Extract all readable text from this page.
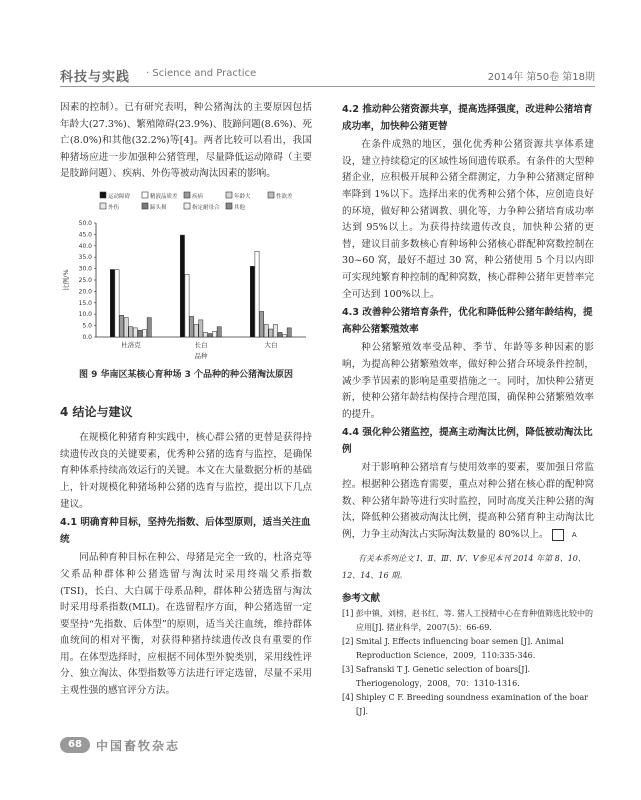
科技与实践 · Science and Practice	2014年 第50卷 第18期

因素的控制）。已有研究表明，种公猪淘汰的主要原因包括年龄大(27.3%)、繁殖障碍(23.9%)、肢蹄问题(8.6%)、死亡(8.0%)和其他(32.2%)等[4]。两者比较可以看出，我国种猪场应进一步加强种公猪管理，尽量降低运动障碍（主要是肢蹄问题）、疾病、外伤等被动淘汰因素的影响。

运动障碍	精液品质差	疾病	年龄大	性欲差
外伤	蹄头损	指定耐母合	其他
0.0
5.0
10.0
15.0
20.0
25.0
30.0
35.0
40.0
45.0
50.0
比例/%
杜洛克	长白	大白
品种
图 9 华南区某核心育种场 3 个品种的种公猪淘汰原因
4 结论与建议

在规模化种猪育种实践中，核心群公猪的更替是获得持续遗传改良的关键要素，优秀种公猪的选育与监控，是确保育种体系持续高效运行的关键。本文在大量数据分析的基础上，针对规模化种猪场种公猪的选育与监控，提出以下几点建议。

4.1 明确育种目标，坚持先指数、后体型原则，适当关注血统

同品种育种目标在种公、母猪是完全一致的，杜洛克等父系品种群体种公猪选留与淘汰时采用终端父系指数(TSI)，长白、大白属于母系品种，群体种公猪选留与淘汰时采用母系指数(MLI)。在选留程序方面，种公猪选留一定要坚持“先指数、后体型”的原则，适当关注血统，维持群体血统间的相对平衡，对获得种猪持续遗传改良有重要的作用。在体型选择时，应根据不同体型外貌类别，采用线性评分、独立淘汰、体型指数等方法进行评定选留，尽量不采用主观性强的感官评分方法。

4.2 推动种公猪资源共享，提高选择强度，改进种公猪培育成功率，加快种公猪更替

在条件成熟的地区，强化优秀种公猪资源共享体系建设，建立持续稳定的区域性场间遗传联系。有条件的大型种猪企业，应积极开展种公猪全群测定，力争种公猪测定留种率降到 1%以下。选择出来的优秀种公猪个体，应创造良好的环境，做好种公猪调教、驯化等，力争种公猪培育成功率达到 95%以上。为获得持续遗传改良，加快种公猪的更替，建议目前多数核心育种场种公猪核心群配种窝数控制在 30~60 窝，最好不超过 30 窝，种公猪使用 5 个月以内即可实现纯繁育种控制的配种窝数，核心群种公猪年更替率完全可达到 100%以上。

4.3 改善种公猪培育条件，优化和降低种公猪年龄结构，提高种公猪繁殖效率

种公猪繁殖效率受品种、季节、年龄等多种因素的影响，为提高种公猪繁殖效率，做好种公猪合环境条件控制，减少季节因素的影响是重要措施之一。同时，加快种公猪更新，使种公猪年龄结构保持合理范围，确保种公猪繁殖效率的提升。

4.4 强化种公猪监控，提高主动淘汰比例，降低被动淘汰比例

对于影响种公猪培育与使用效率的要素，要加强日常监控。根据种公猪选育需要，重点对种公猪在核心群的配种窝数、种公猪年龄等进行实时监控，同时高度关注种公猪的淘汰，降低种公猪被动淘汰比例，提高种公猪育种主动淘汰比例，力争主动淘汰占实际淘汰数量的 80%以上。	A

有关本系列论文 Ⅰ、Ⅱ、Ⅲ、Ⅳ、Ⅴ参见本刊 2014 年第 8、10、12、14、16 期。

参考文献

[1] 彭中镇，刘榜，赵书红，等. 猪人工授精中心在育种值筛选比较中的应用[J]. 猪业科学，2007(5)：66-69.

[2] Smital J. Effects influencing boar semen [J]. Animal Reproduction Science，2009，110:335-346.

[3] Safranski T J. Genetic selection of boars[J]. Theriogenology，2008，70：1310-1316.

[4] Shipley C F. Breeding soundness examination of the boar [J].

68	中国畜牧杂志
